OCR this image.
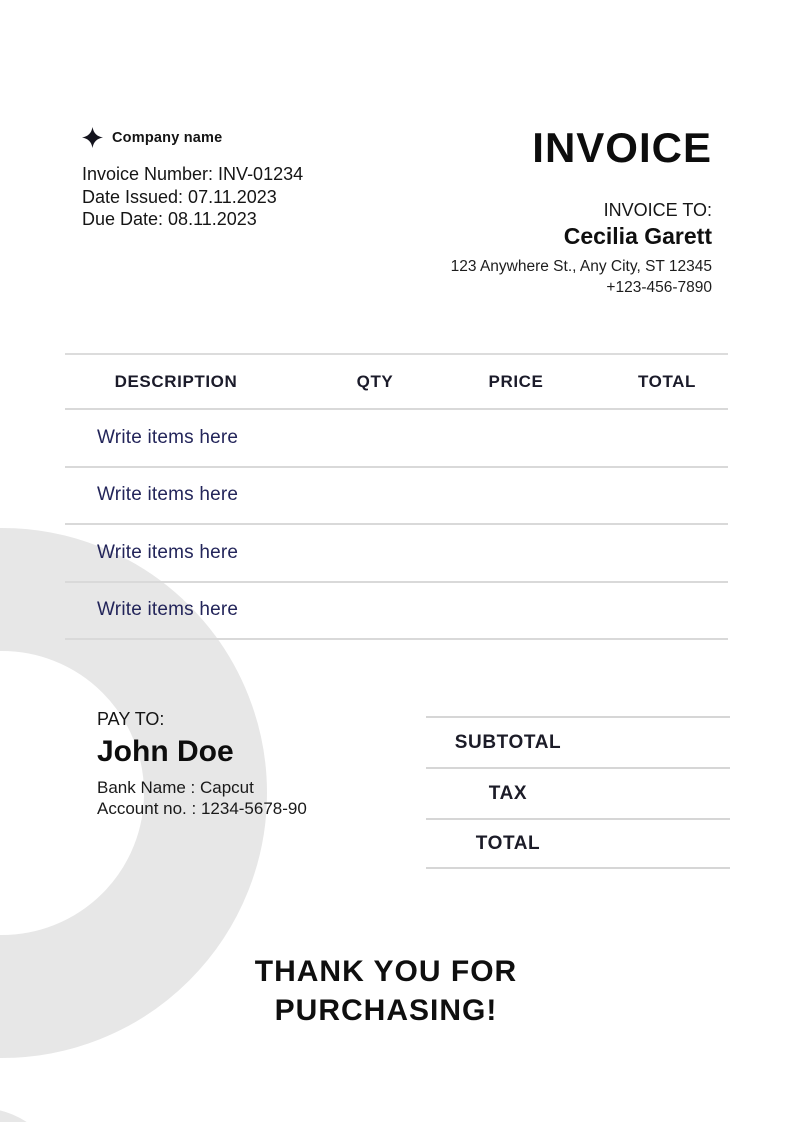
Company name
Invoice Number: INV-01234
Date Issued: 07.11.2023
Due Date: 08.11.2023
INVOICE
INVOICE TO:
Cecilia Garett
123 Anywhere St., Any City, ST 12345
+123-456-7890
DESCRIPTION	QTY	PRICE	TOTAL
Write items here
Write items here
Write items here
Write items here
PAY TO:
John Doe
Bank Name : Capcut
Account no. : 1234-5678-90
SUBTOTAL
TAX
TOTAL
THANK YOU FOR
PURCHASING!
